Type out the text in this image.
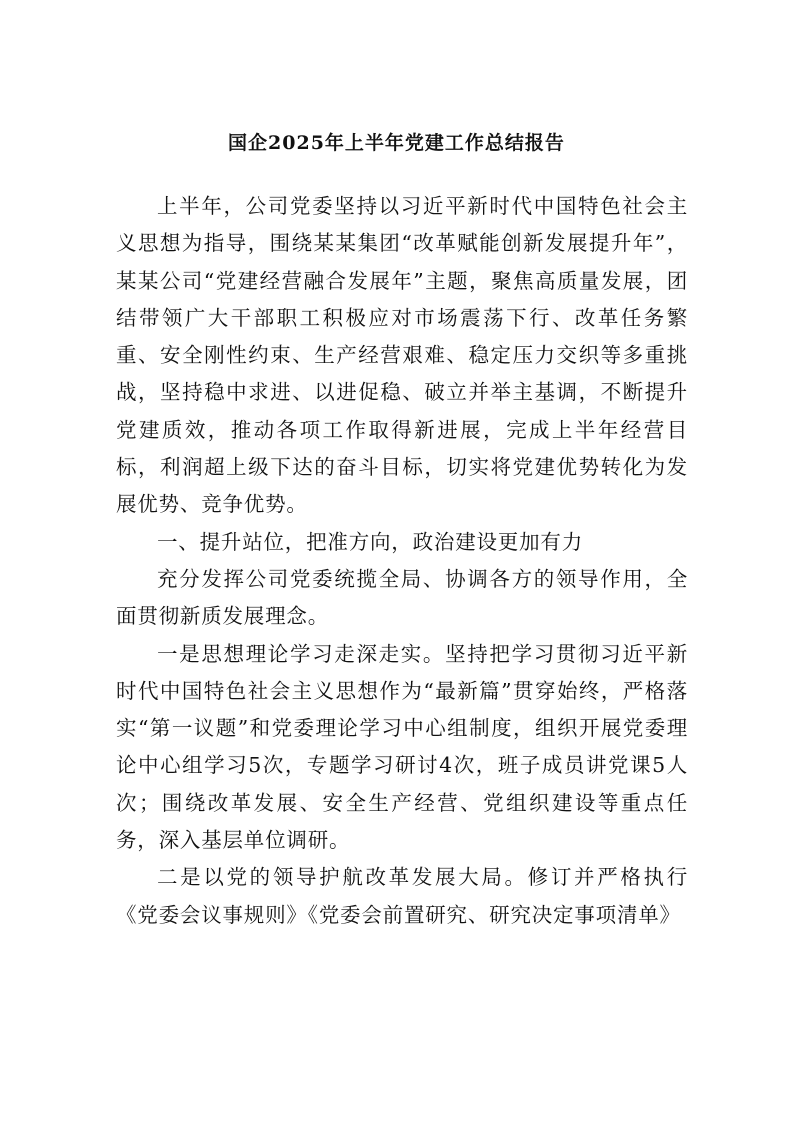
国企2025年上半年党建工作总结报告

上半年，公司党委坚持以习近平新时代中国特色社会主义思想为指导，围绕某某集团“改革赋能创新发展提升年”，某某公司“党建经营融合发展年”主题，聚焦高质量发展，团结带领广大干部职工积极应对市场震荡下行、改革任务繁重、安全刚性约束、生产经营艰难、稳定压力交织等多重挑战，坚持稳中求进、以进促稳、破立并举主基调，不断提升党建质效，推动各项工作取得新进展，完成上半年经营目标，利润超上级下达的奋斗目标，切实将党建优势转化为发展优势、竞争优势。

一、提升站位，把准方向，政治建设更加有力

充分发挥公司党委统揽全局、协调各方的领导作用，全面贯彻新质发展理念。

一是思想理论学习走深走实。坚持把学习贯彻习近平新时代中国特色社会主义思想作为“最新篇”贯穿始终，严格落实“第一议题”和党委理论学习中心组制度，组织开展党委理论中心组学习5次，专题学习研讨4次，班子成员讲党课5人次；围绕改革发展、安全生产经营、党组织建设等重点任务，深入基层单位调研。

二是以党的领导护航改革发展大局。修订并严格执行《党委会议事规则》《党委会前置研究、研究决定事项清单》
